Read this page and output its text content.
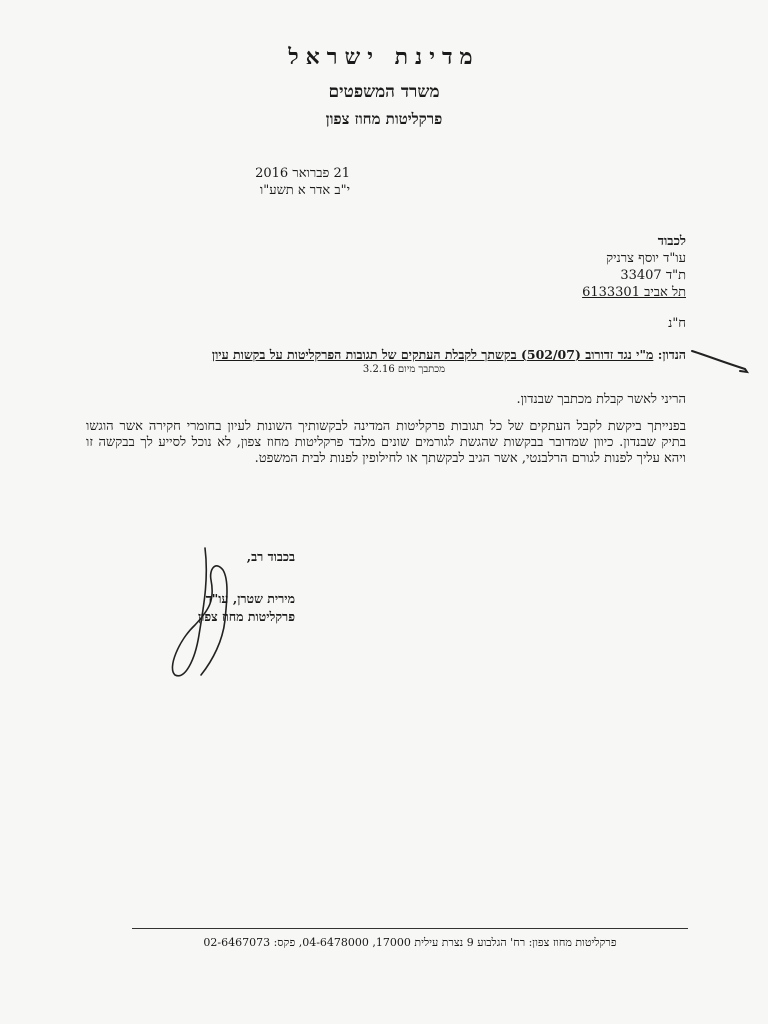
מדינת ישראל
משרד המשפטים
פרקליטות מחוז צפון
21 פברואר 2016
י"ב אדר א תשע"ו
לכבוד
עו"ד יוסף צרניק
ת"ד 33407
תל אביב 6133301
ח"נ
הנדון: מ"י נגד זדורוב (502/07) בקשתך לקבלת העתקים של תגובות הפרקליטות על בקשות עיון
מכתבך מיום 3.2.16
הריני לאשר קבלת מכתבך שבנדון.
בפנייתך ביקשת לקבל העתקים של כל תגובות פרקליטות המדינה לבקשותיך השונות לעיון בחומרי חקירה אשר הוגשו בתיק שבנדון. כיוון שמדובר בבקשות שהגשת לגורמים שונים מלבד פרקליטות מחוז צפון, לא נוכל לסייע לך בבקשה זו ויהא עליך לפנות לגורם הרלבנטי, אשר הגיב לבקשתך או לחילופין לפנות לבית המשפט.
בכבוד רב,
מירית שטרן, עו"ד
פרקליטות מחוז צפון
פרקליטות מחוז צפון: רח' הגלבוע 9 נצרת עילית 17000, 04-6478000, פקס: 02-6467073
